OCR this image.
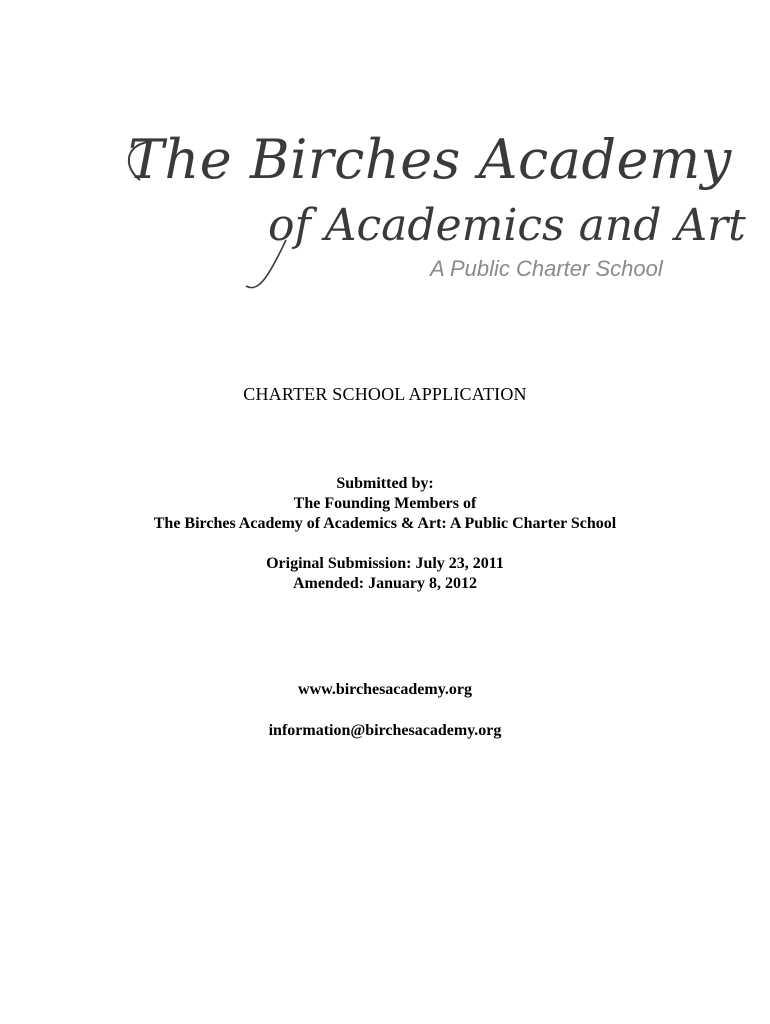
The Birches Academy
of Academics and Art
A Public Charter School
CHARTER SCHOOL APPLICATION
Submitted by:
The Founding Members of
The Birches Academy of Academics & Art: A Public Charter School
Original Submission: July 23, 2011
Amended: January 8, 2012
www.birchesacademy.org
information@birchesacademy.org
